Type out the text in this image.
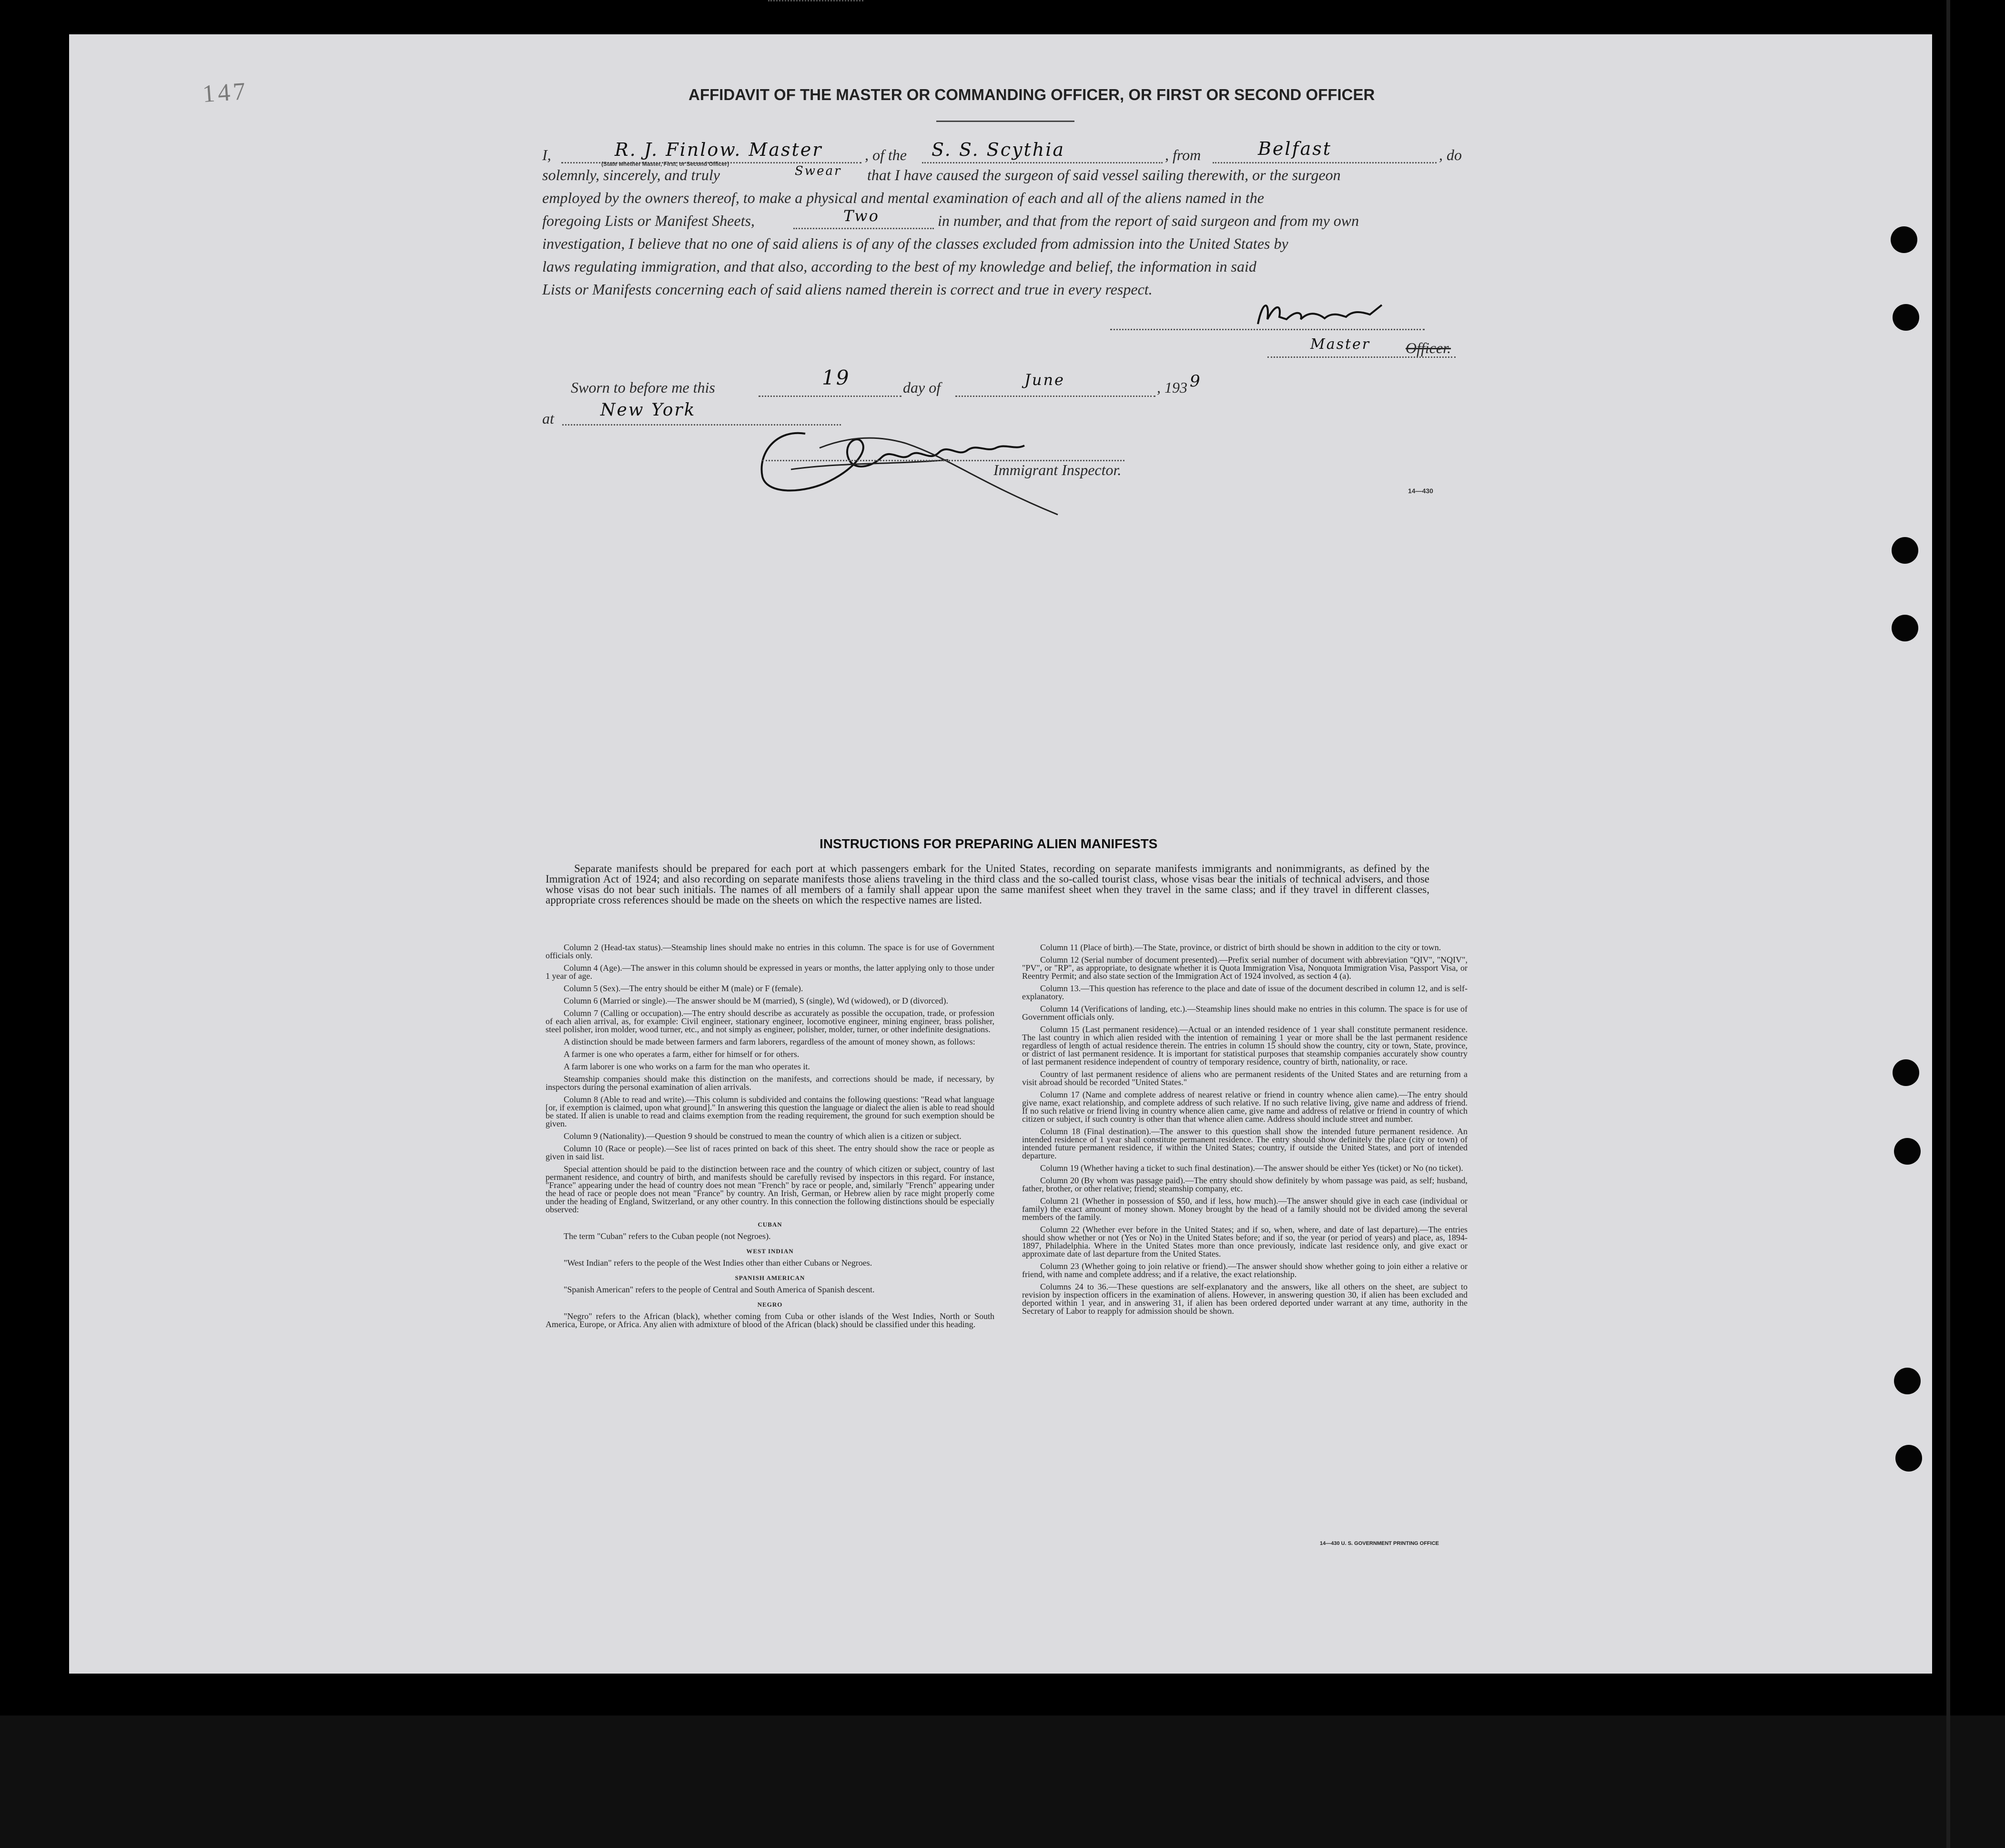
147	AFFIDAVIT OF THE MASTER OR COMMANDING OFFICER, OR FIRST OR SECOND OFFICER
I,	R. J. Finlow. Master	, of the S. S. Scythia	, from	Belfast	, do
(State whether Master, First, or Second Officer)
solemnly, sincerely, and truly	Swear that I have caused the surgeon of said vessel sailing therewith, or the surgeon
employed by the owners thereof, to make a physical and mental examination of each and all of the aliens named in the
foregoing Lists or Manifest Sheets,	Two	in number, and that from the report of said surgeon and from my own
investigation, I believe that no one of said aliens is of any of the classes excluded from admission into the United States by
laws regulating immigration, and that also, according to the best of my knowledge and belief, the information in said
Lists or Manifests concerning each of said aliens named therein is correct and true in every respect.
Master Officer.
Sworn to before me this	19	day of	June	, 193 9
at	New York
Immigrant Inspector.
14—430
INSTRUCTIONS FOR PREPARING ALIEN MANIFESTS
Separate manifests should be prepared for each port at which passengers embark for the United States, recording on separate manifests immigrants and nonimmigrants, as defined by the Immigration Act of 1924; and also recording on separate manifests those aliens traveling in the third class and the so-called tourist class, whose visas bear the initials of technical advisers, and those whose visas do not bear such initials. The names of all members of a family shall appear upon the same manifest sheet when they travel in the same class; and if they travel in different classes, appropriate cross references should be made on the sheets on which the respective names are listed.

Column 2 (Head-tax status).—Steamship lines should make no entries in this column. The space is for use of Government officials only.

Column 4 (Age).—The answer in this column should be expressed in years or months, the latter applying only to those under 1 year of age.

Column 5 (Sex).—The entry should be either M (male) or F (female).

Column 6 (Married or single).—The answer should be M (married), S (single), Wd (widowed), or D (divorced).

Column 7 (Calling or occupation).—The entry should describe as accurately as possible the occupation, trade, or profession of each alien arrival, as, for example: Civil engineer, stationary engineer, locomotive engineer, mining engineer, brass polisher, steel polisher, iron molder, wood turner, etc., and not simply as engineer, polisher, molder, turner, or other indefinite designations.

A distinction should be made between farmers and farm laborers, regardless of the amount of money shown, as follows:

A farmer is one who operates a farm, either for himself or for others.

A farm laborer is one who works on a farm for the man who operates it.

Steamship companies should make this distinction on the manifests, and corrections should be made, if necessary, by inspectors during the personal examination of alien arrivals.

Column 8 (Able to read and write).—This column is subdivided and contains the following questions: "Read what language [or, if exemption is claimed, upon what ground]." In answering this question the language or dialect the alien is able to read should be stated. If alien is unable to read and claims exemption from the reading requirement, the ground for such exemption should be given.

Column 9 (Nationality).—Question 9 should be construed to mean the country of which alien is a citizen or subject.

Column 10 (Race or people).—See list of races printed on back of this sheet. The entry should show the race or people as given in said list.

Special attention should be paid to the distinction between race and the country of which citizen or subject, country of last permanent residence, and country of birth, and manifests should be carefully revised by inspectors in this regard. For instance, "France" appearing under the head of country does not mean "French" by race or people, and, similarly "French" appearing under the head of race or people does not mean "France" by country. An Irish, German, or Hebrew alien by race might properly come under the heading of England, Switzerland, or any other country. In this connection the following distinctions should be especially observed:

CUBAN

The term "Cuban" refers to the Cuban people (not Negroes).

WEST INDIAN

"West Indian" refers to the people of the West Indies other than either Cubans or Negroes.

SPANISH AMERICAN

"Spanish American" refers to the people of Central and South America of Spanish descent.

NEGRO

"Negro" refers to the African (black), whether coming from Cuba or other islands of the West Indies, North or South America, Europe, or Africa. Any alien with admixture of blood of the African (black) should be classified under this heading.

Column 11 (Place of birth).—The State, province, or district of birth should be shown in addition to the city or town.

Column 12 (Serial number of document presented).—Prefix serial number of document with abbreviation "QIV", "NQIV", "PV", or "RP", as appropriate, to designate whether it is Quota Immigration Visa, Nonquota Immigration Visa, Passport Visa, or Reentry Permit; and also state section of the Immigration Act of 1924 involved, as section 4 (a).

Column 13.—This question has reference to the place and date of issue of the document described in column 12, and is self-explanatory.

Column 14 (Verifications of landing, etc.).—Steamship lines should make no entries in this column. The space is for use of Government officials only.

Column 15 (Last permanent residence).—Actual or an intended residence of 1 year shall constitute permanent residence. The last country in which alien resided with the intention of remaining 1 year or more shall be the last permanent residence regardless of length of actual residence therein. The entries in column 15 should show the country, city or town, State, province, or district of last permanent residence. It is important for statistical purposes that steamship companies accurately show country of last permanent residence independent of country of temporary residence, country of birth, nationality, or race.

Country of last permanent residence of aliens who are permanent residents of the United States and are returning from a visit abroad should be recorded "United States."

Column 17 (Name and complete address of nearest relative or friend in country whence alien came).—The entry should give name, exact relationship, and complete address of such relative. If no such relative living, give name and address of friend. If no such relative or friend living in country whence alien came, give name and address of relative or friend in country of which citizen or subject, if such country is other than that whence alien came. Address should include street and number.

Column 18 (Final destination).—The answer to this question shall show the intended future permanent residence. An intended residence of 1 year shall constitute permanent residence. The entry should show definitely the place (city or town) of intended future permanent residence, if within the United States; country, if outside the United States, and port of intended departure.

Column 19 (Whether having a ticket to such final destination).—The answer should be either Yes (ticket) or No (no ticket).

Column 20 (By whom was passage paid).—The entry should show definitely by whom passage was paid, as self; husband, father, brother, or other relative; friend; steamship company, etc.

Column 21 (Whether in possession of $50, and if less, how much).—The answer should give in each case (individual or family) the exact amount of money shown. Money brought by the head of a family should not be divided among the several members of the family.

Column 22 (Whether ever before in the United States; and if so, when, where, and date of last departure).—The entries should show whether or not (Yes or No) in the United States before; and if so, the year (or period of years) and place, as, 1894-1897, Philadelphia. Where in the United States more than once previously, indicate last residence only, and give exact or approximate date of last departure from the United States.

Column 23 (Whether going to join relative or friend).—The answer should show whether going to join either a relative or friend, with name and complete address; and if a relative, the exact relationship.

Columns 24 to 36.—These questions are self-explanatory and the answers, like all others on the sheet, are subject to revision by inspection officers in the examination of aliens. However, in answering question 30, if alien has been excluded and deported within 1 year, and in answering 31, if alien has been ordered deported under warrant at any time, authority in the Secretary of Labor to reapply for admission should be shown.

14—430 U. S. GOVERNMENT PRINTING OFFICE
